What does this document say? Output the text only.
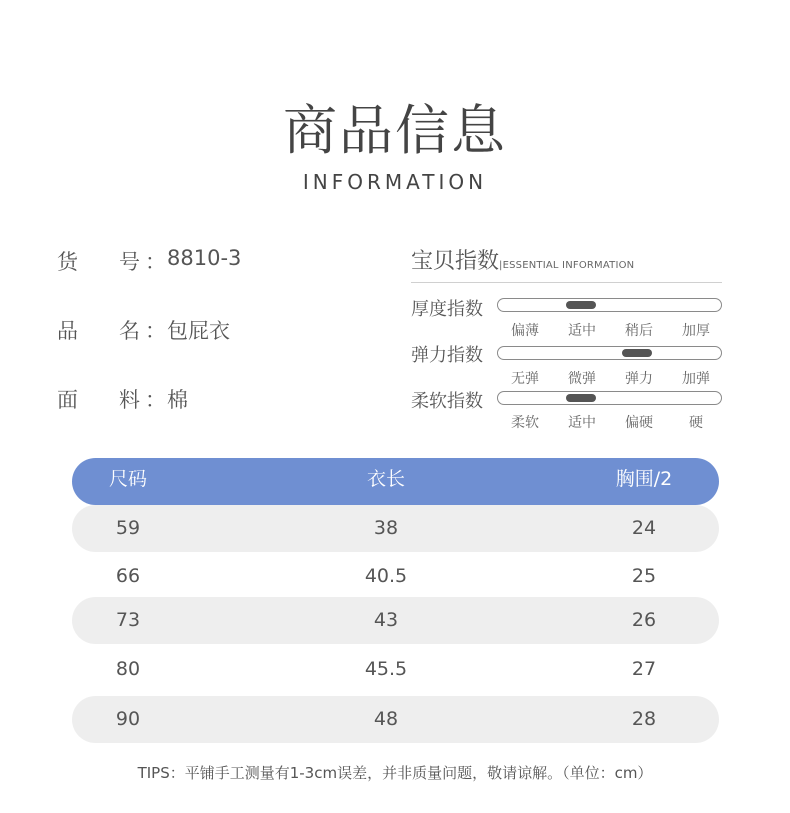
商品信息
INFORMATION
货 号 ： 8810-3
品 名 ： 包屁衣
面 料 ： 棉
宝贝指数|ESSENTIAL INFORMATION
厚度指数
偏薄	适中	稍后	加厚
弹力指数
无弹	微弹	弹力	加弹
柔软指数
柔软	适中	偏硬	硬
尺码	衣长	胸围/2
59	38	24
66	40.5	25
73	43	26
80	45.5	27
90	48	28
TIPS：平铺手工测量有1-3cm误差，并非质量问题，敬请谅解。（单位：cm）
